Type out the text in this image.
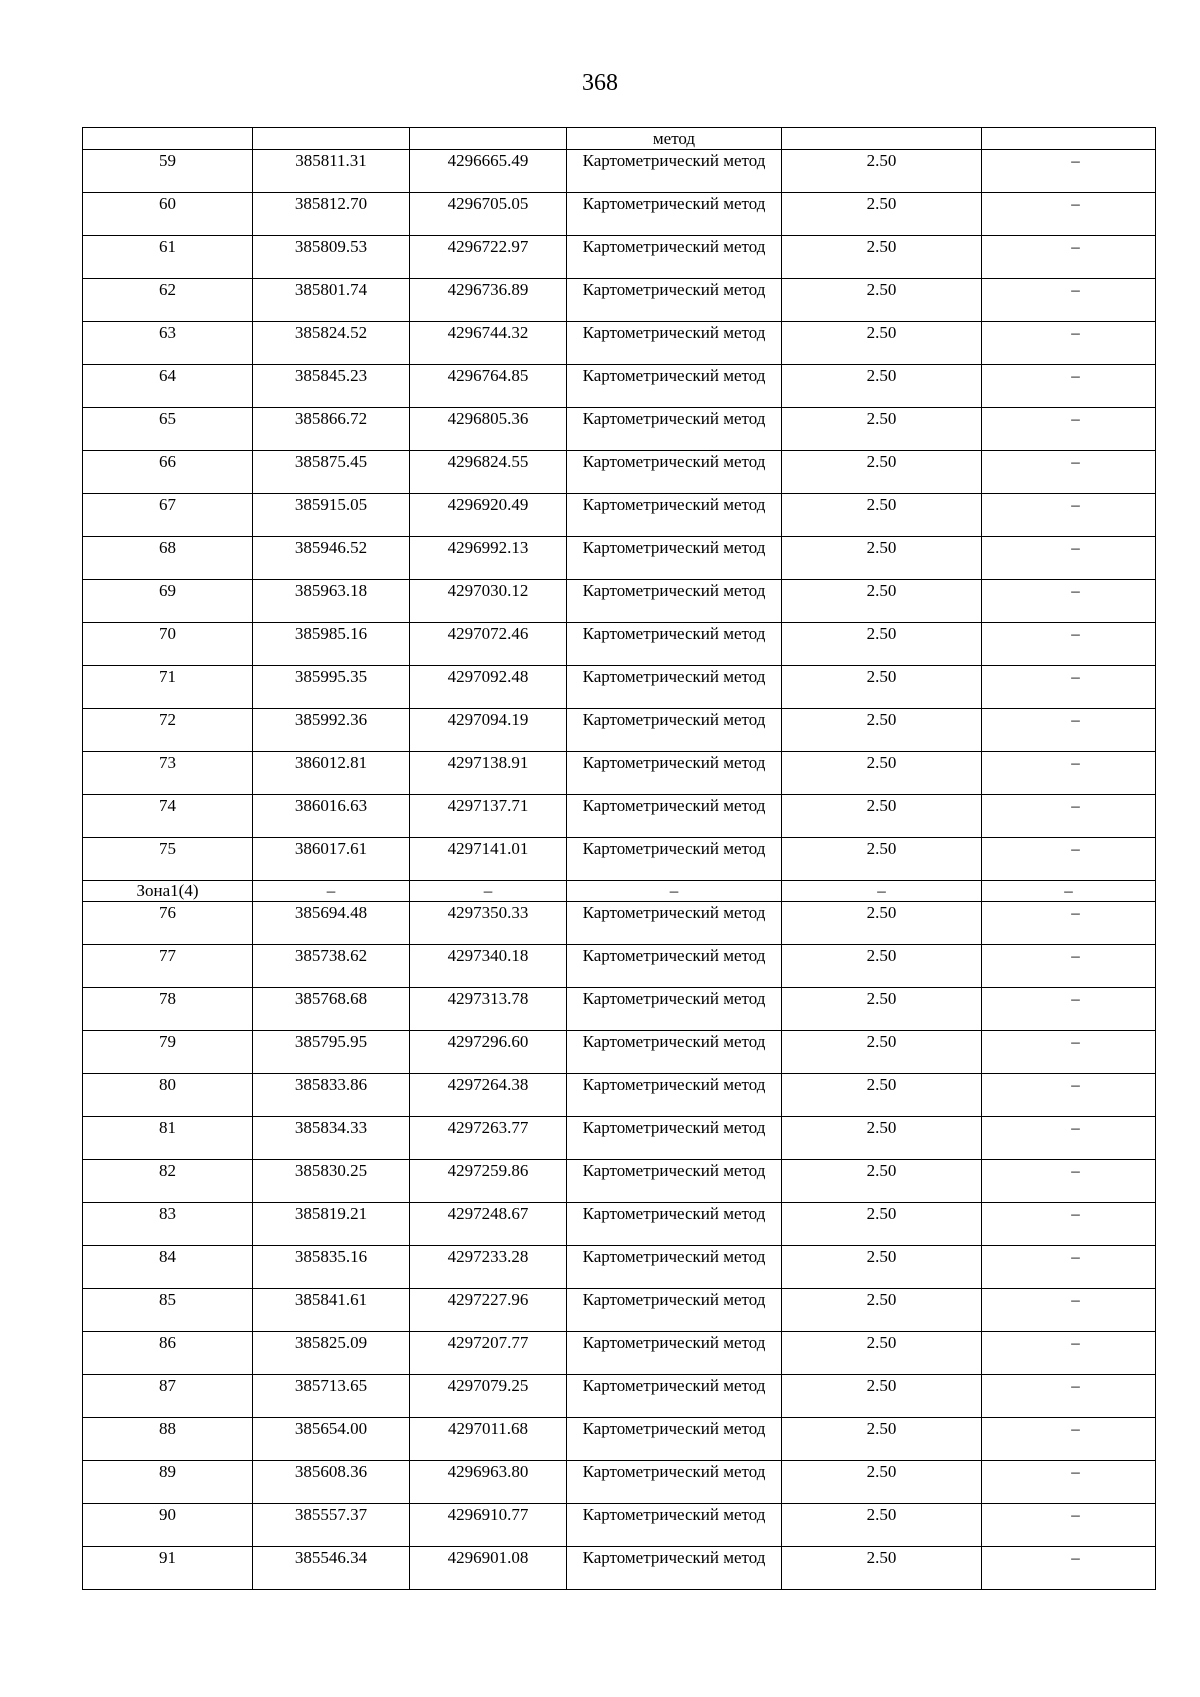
368
			метод		
59	385811.31	4296665.49	Картометрический метод	2.50	–
60	385812.70	4296705.05	Картометрический метод	2.50	–
61	385809.53	4296722.97	Картометрический метод	2.50	–
62	385801.74	4296736.89	Картометрический метод	2.50	–
63	385824.52	4296744.32	Картометрический метод	2.50	–
64	385845.23	4296764.85	Картометрический метод	2.50	–
65	385866.72	4296805.36	Картометрический метод	2.50	–
66	385875.45	4296824.55	Картометрический метод	2.50	–
67	385915.05	4296920.49	Картометрический метод	2.50	–
68	385946.52	4296992.13	Картометрический метод	2.50	–
69	385963.18	4297030.12	Картометрический метод	2.50	–
70	385985.16	4297072.46	Картометрический метод	2.50	–
71	385995.35	4297092.48	Картометрический метод	2.50	–
72	385992.36	4297094.19	Картометрический метод	2.50	–
73	386012.81	4297138.91	Картометрический метод	2.50	–
74	386016.63	4297137.71	Картометрический метод	2.50	–
75	386017.61	4297141.01	Картометрический метод	2.50	–
Зона1(4)	–	–	–	–	–
76	385694.48	4297350.33	Картометрический метод	2.50	–
77	385738.62	4297340.18	Картометрический метод	2.50	–
78	385768.68	4297313.78	Картометрический метод	2.50	–
79	385795.95	4297296.60	Картометрический метод	2.50	–
80	385833.86	4297264.38	Картометрический метод	2.50	–
81	385834.33	4297263.77	Картометрический метод	2.50	–
82	385830.25	4297259.86	Картометрический метод	2.50	–
83	385819.21	4297248.67	Картометрический метод	2.50	–
84	385835.16	4297233.28	Картометрический метод	2.50	–
85	385841.61	4297227.96	Картометрический метод	2.50	–
86	385825.09	4297207.77	Картометрический метод	2.50	–
87	385713.65	4297079.25	Картометрический метод	2.50	–
88	385654.00	4297011.68	Картометрический метод	2.50	–
89	385608.36	4296963.80	Картометрический метод	2.50	–
90	385557.37	4296910.77	Картометрический метод	2.50	–
91	385546.34	4296901.08	Картометрический метод	2.50	–
